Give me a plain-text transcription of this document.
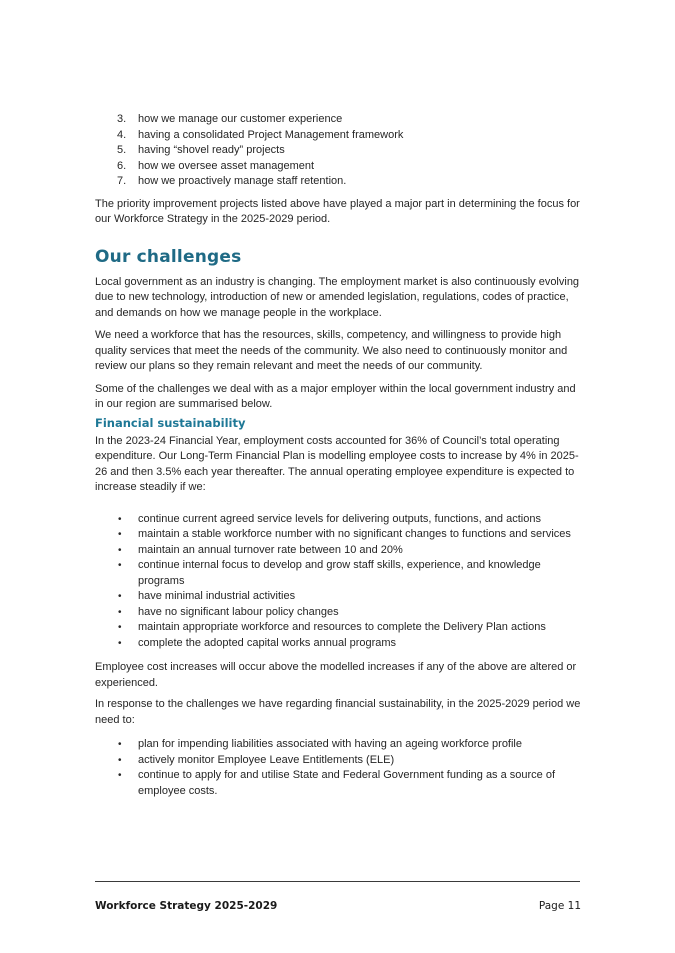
3.	how we manage our customer experience
4.	having a consolidated Project Management framework
5.	having “shovel ready” projects
6.	how we oversee asset management
7.	how we proactively manage staff retention.

The priority improvement projects listed above have played a major part in determining the focus for our Workforce Strategy in the 2025-2029 period.

Our challenges

Local government as an industry is changing. The employment market is also continuously evolving due to new technology, introduction of new or amended legislation, regulations, codes of practice, and demands on how we manage people in the workplace.

We need a workforce that has the resources, skills, competency, and willingness to provide high quality services that meet the needs of the community. We also need to continuously monitor and review our plans so they remain relevant and meet the needs of our community.

Some of the challenges we deal with as a major employer within the local government industry and in our region are summarised below.

Financial sustainability

In the 2023-24 Financial Year, employment costs accounted for 36% of Council’s total operating expenditure. Our Long-Term Financial Plan is modelling employee costs to increase by 4% in 2025-26 and then 3.5% each year thereafter. The annual operating employee expenditure is expected to increase steadily if we:

•	continue current agreed service levels for delivering outputs, functions, and actions
•	maintain a stable workforce number with no significant changes to functions and services
•	maintain an annual turnover rate between 10 and 20%
•	continue internal focus to develop and grow staff skills, experience, and knowledge programs
•	have minimal industrial activities
•	have no significant labour policy changes
•	maintain appropriate workforce and resources to complete the Delivery Plan actions
•	complete the adopted capital works annual programs

Employee cost increases will occur above the modelled increases if any of the above are altered or experienced.

In response to the challenges we have regarding financial sustainability, in the 2025-2029 period we need to:

•	plan for impending liabilities associated with having an ageing workforce profile
•	actively monitor Employee Leave Entitlements (ELE)
•	continue to apply for and utilise State and Federal Government funding as a source of employee costs.
Workforce Strategy 2025-2029	Page 11
